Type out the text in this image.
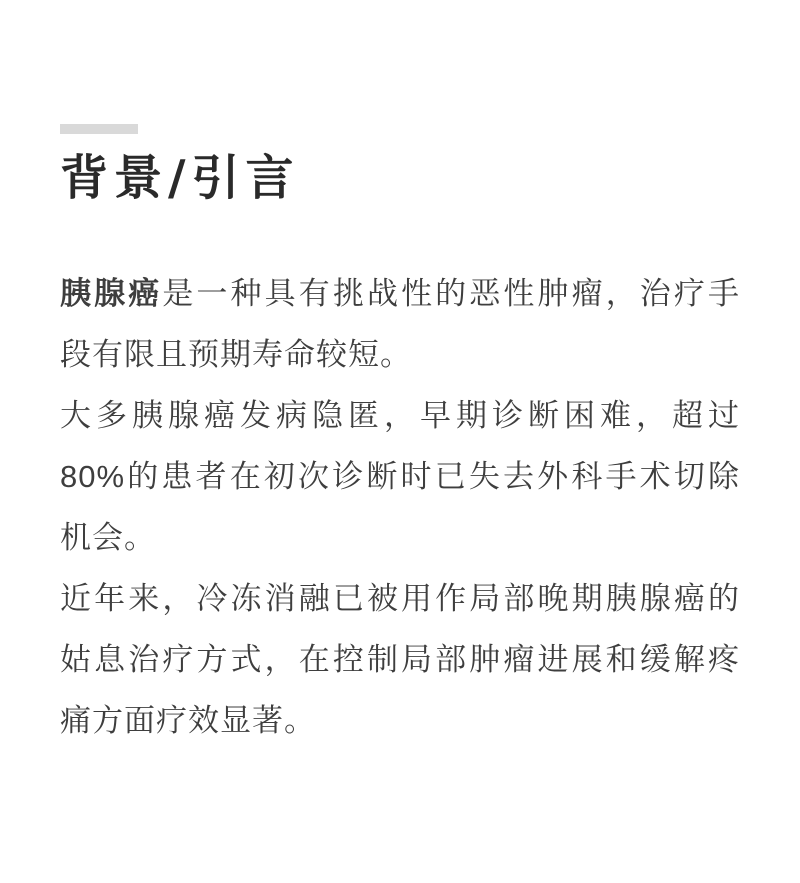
背景/引言

胰腺癌是一种具有挑战性的恶性肿瘤，治疗手
段有限且预期寿命较短。

大多胰腺癌发病隐匿，早期诊断困难，超过
80%的患者在初次诊断时已失去外科手术切除
机会。

近年来，冷冻消融已被用作局部晚期胰腺癌的
姑息治疗方式，在控制局部肿瘤进展和缓解疼
痛方面疗效显著。
